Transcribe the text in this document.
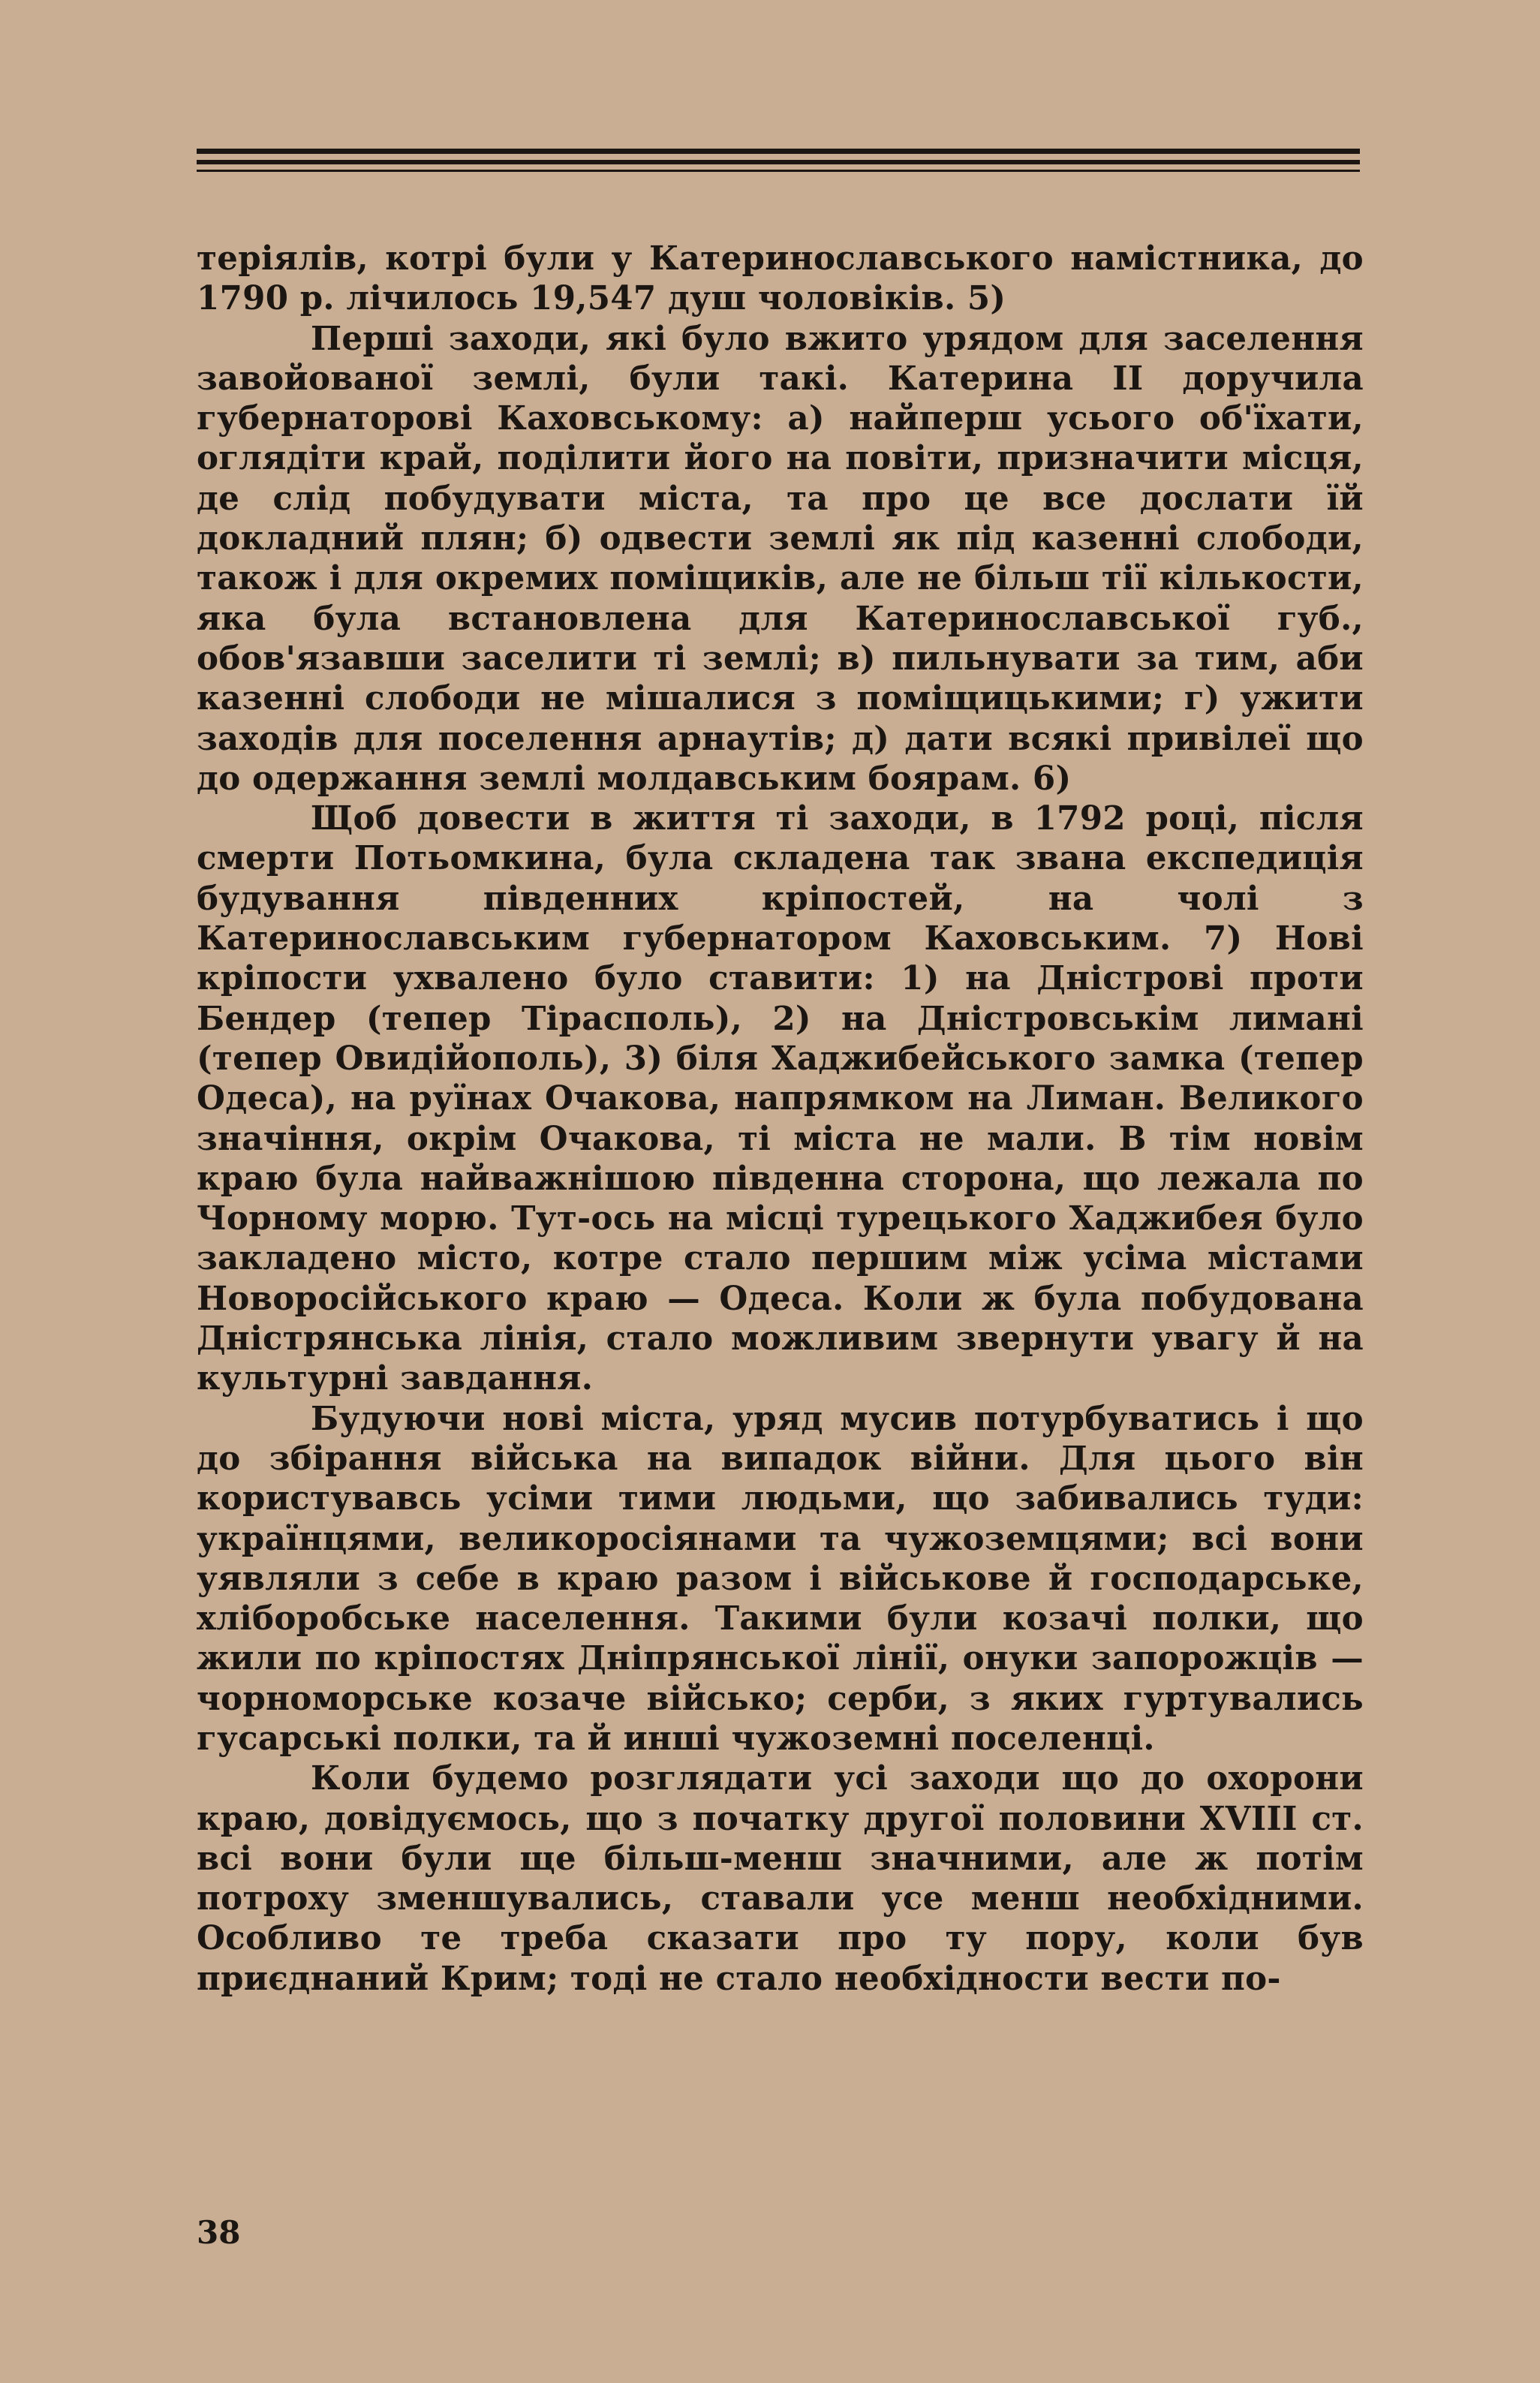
теріялів, котрі були у Катеринославського намістника, до 1790 р. лічилось 19,547 душ чоловіків. 5)

Перші заходи, які було вжито урядом для заселення завойованої землі, були такі. Катерина II доручила губернаторові Каховському: а) найперш усього об'їхати, оглядіти край, поділити його на повіти, призначити місця, де слід побудувати міста, та про це все дослати їй докладний плян; б) одвести землі як під казенні слободи, також і для окремих поміщиків, але не більш тії кількости, яка була встановлена для Катеринославської губ., обов'язавши заселити ті землі; в) пильнувати за тим, аби казенні слободи не мішалися з поміщицькими; г) ужити заходів для поселення арнаутів; д) дати всякі привілеї що до одержання землі молдавським боярам. 6)

Щоб довести в життя ті заходи, в 1792 році, після смерти Потьомкина, була складена так звана експедиція будування південних кріпостей, на чолі з Катеринославським губернатором Каховським. 7) Нові кріпости ухвалено було ставити: 1) на Дністрові проти Бендер (тепер Тірасполь), 2) на Дністровськім лимані (тепер Овидійополь), 3) біля Хаджибейського замка (тепер Одеса), на руїнах Очакова, напрямком на Лиман. Великого значіння, окрім Очакова, ті міста не мали. В тім новім краю була найважнішою південна сторона, що лежала по Чорному морю. Тут-ось на місці турецького Хаджибея було закладено місто, котре стало першим між усіма містами Новоросійського краю — Одеса. Коли ж була побудована Дністрянська лінія, стало можливим звернути увагу й на культурні завдання.

Будуючи нові міста, уряд мусив потурбуватись і що до збірання війська на випадок війни. Для цього він користувавсь усіми тими людьми, що забивались туди: українцями, великоросіянами та чужоземцями; всі вони уявляли з себе в краю разом і військове й господарське, хліборобське населення. Такими були козачі полки, що жили по кріпостях Дніпрянської лінії, онуки запорожців — чорноморське козаче військо; серби, з яких гуртувались гусарські полки, та й инші чужоземні поселенці.

Коли будемо розглядати усі заходи що до охорони краю, довідуємось, що з початку другої половини XVIII ст. всі вони були ще більш-менш значними, але ж потім потроху зменшувались, ставали усе менш необхідними. Особливо те треба сказати про ту пору, коли був приєднаний Крим; тоді не стало необхідности вести по-

38
